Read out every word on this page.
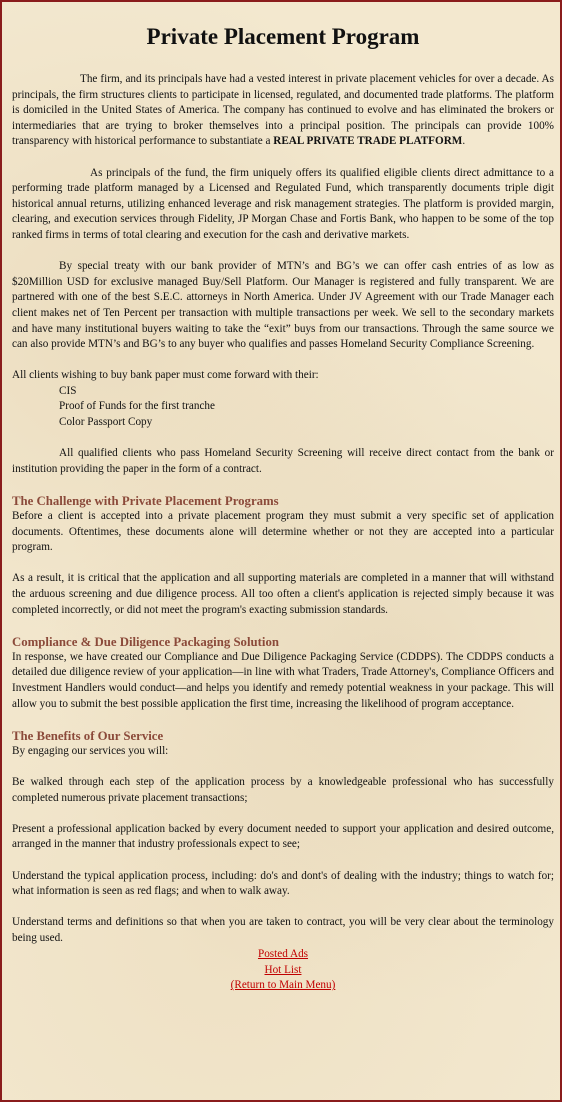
Private Placement Program

The firm, and its principals have had a vested interest in private placement vehicles for over a decade. As principals, the firm structures clients to participate in licensed, regulated, and documented trade platforms. The platform is domiciled in the United States of America. The company has continued to evolve and has eliminated the brokers or intermediaries that are trying to broker themselves into a principal position. The principals can provide 100% transparency with historical performance to substantiate a REAL PRIVATE TRADE PLATFORM.

As principals of the fund, the firm uniquely offers its qualified eligible clients direct admittance to a performing trade platform managed by a Licensed and Regulated Fund, which transparently documents triple digit historical annual returns, utilizing enhanced leverage and risk management strategies. The platform is provided margin, clearing, and execution services through Fidelity, JP Morgan Chase and Fortis Bank, who happen to be some of the top ranked firms in terms of total clearing and execution for the cash and derivative markets.

By special treaty with our bank provider of MTN’s and BG’s we can offer cash entries of as low as $20Million USD for exclusive managed Buy/Sell Platform. Our Manager is registered and fully transparent. We are partnered with one of the best S.E.C. attorneys in North America. Under JV Agreement with our Trade Manager each client makes net of Ten Percent per transaction with multiple transactions per week. We sell to the secondary markets and have many institutional buyers waiting to take the “exit” buys from our transactions. Through the same source we can also provide MTN’s and BG’s to any buyer who qualifies and passes Homeland Security Compliance Screening.

All clients wishing to buy bank paper must come forward with their:
CIS
Proof of Funds for the first tranche
Color Passport Copy

All qualified clients who pass Homeland Security Screening will receive direct contact from the bank or institution providing the paper in the form of a contract.

The Challenge with Private Placement Programs

Before a client is accepted into a private placement program they must submit a very specific set of application documents. Oftentimes, these documents alone will determine whether or not they are accepted into a particular program.

As a result, it is critical that the application and all supporting materials are completed in a manner that will withstand the arduous screening and due diligence process. All too often a client's application is rejected simply because it was completed incorrectly, or did not meet the program's exacting submission standards.

Compliance & Due Diligence Packaging Solution

In response, we have created our Compliance and Due Diligence Packaging Service (CDDPS). The CDDPS conducts a detailed due diligence review of your application—in line with what Traders, Trade Attorney's, Compliance Officers and Investment Handlers would conduct—and helps you identify and remedy potential weakness in your package. This will allow you to submit the best possible application the first time, increasing the likelihood of program acceptance.

The Benefits of Our Service

By engaging our services you will:

Be walked through each step of the application process by a knowledgeable professional who has successfully completed numerous private placement transactions;

Present a professional application backed by every document needed to support your application and desired outcome, arranged in the manner that industry professionals expect to see;

Understand the typical application process, including: do's and dont's of dealing with the industry; things to watch for; what information is seen as red flags; and when to walk away.

Understand terms and definitions so that when you are taken to contract, you will be very clear about the terminology being used.

Posted Ads
Hot List
(Return to Main Menu)
